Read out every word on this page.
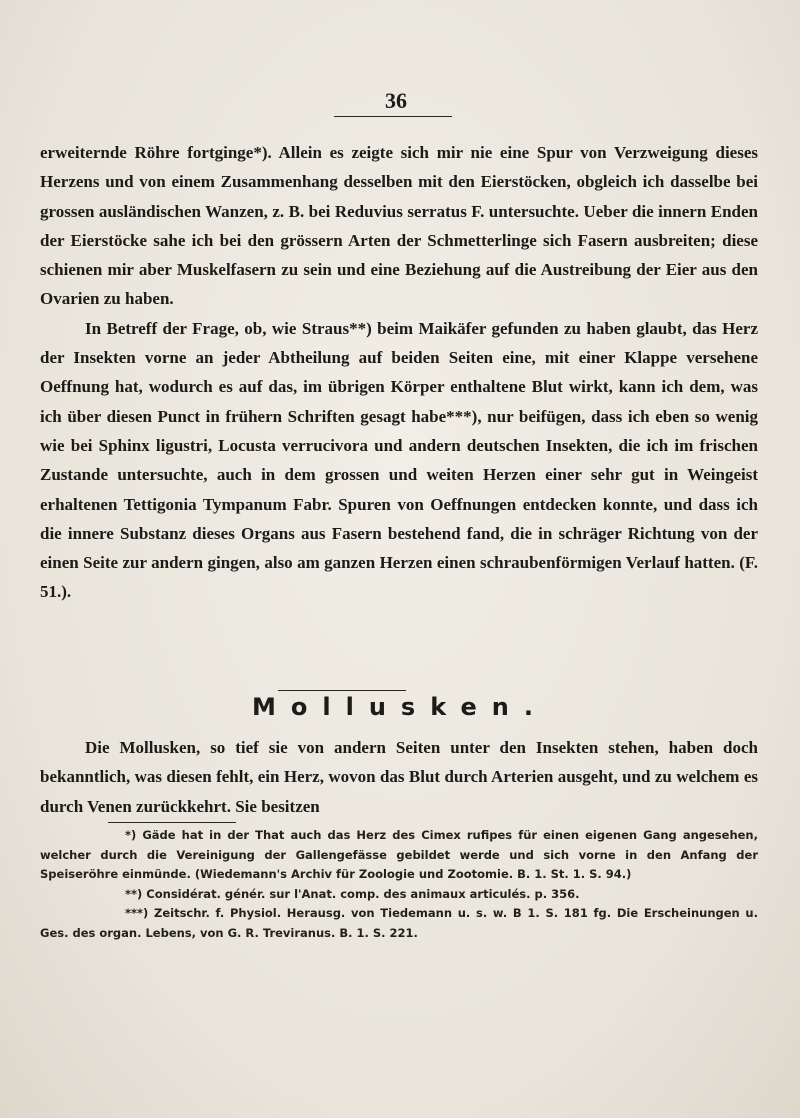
36

erweiternde Röhre fortginge*). Allein es zeigte sich mir nie eine Spur von Verzweigung dieses Herzens und von einem Zusammenhang desselben mit den Eierstöcken, obgleich ich dasselbe bei grossen ausländischen Wanzen, z. B. bei Reduvius serratus F. untersuchte. Ueber die innern Enden der Eierstöcke sahe ich bei den grössern Arten der Schmetterlinge sich Fasern ausbreiten; diese schienen mir aber Muskelfasern zu sein und eine Beziehung auf die Austreibung der Eier aus den Ovarien zu haben.

In Betreff der Frage, ob, wie Straus**) beim Maikäfer gefunden zu haben glaubt, das Herz der Insekten vorne an jeder Abtheilung auf beiden Seiten eine, mit einer Klappe versehene Oeffnung hat, wodurch es auf das, im übrigen Körper enthaltene Blut wirkt, kann ich dem, was ich über diesen Punct in frühern Schriften gesagt habe***), nur beifügen, dass ich eben so wenig wie bei Sphinx ligustri, Locusta verrucivora und andern deutschen Insekten, die ich im frischen Zustande untersuchte, auch in dem grossen und weiten Herzen einer sehr gut in Weingeist erhaltenen Tettigonia Tympanum Fabr. Spuren von Oeffnungen entdecken konnte, und dass ich die innere Substanz dieses Organs aus Fasern bestehend fand, die in schräger Richtung von der einen Seite zur andern gingen, also am ganzen Herzen einen schraubenförmigen Verlauf hatten. (F. 51.).

Mollusken.

Die Mollusken, so tief sie von andern Seiten unter den Insekten stehen, haben doch bekanntlich, was diesen fehlt, ein Herz, wovon das Blut durch Arterien ausgeht, und zu welchem es durch Venen zurückkehrt. Sie besitzen

*) Gäde hat in der That auch das Herz des Cimex rufipes für einen eigenen Gang angesehen, welcher durch die Vereinigung der Gallengefässe gebildet werde und sich vorne in den Anfang der Speiseröhre einmünde. (Wiedemann's Archiv für Zoologie und Zootomie. B. 1. St. 1. S. 94.)

**) Considérat. génér. sur l'Anat. comp. des animaux articulés. p. 356.

***) Zeitschr. f. Physiol. Herausg. von Tiedemann u. s. w. B 1. S. 181 fg. Die Erscheinungen u. Ges. des organ. Lebens, von G. R. Treviranus. B. 1. S. 221.
